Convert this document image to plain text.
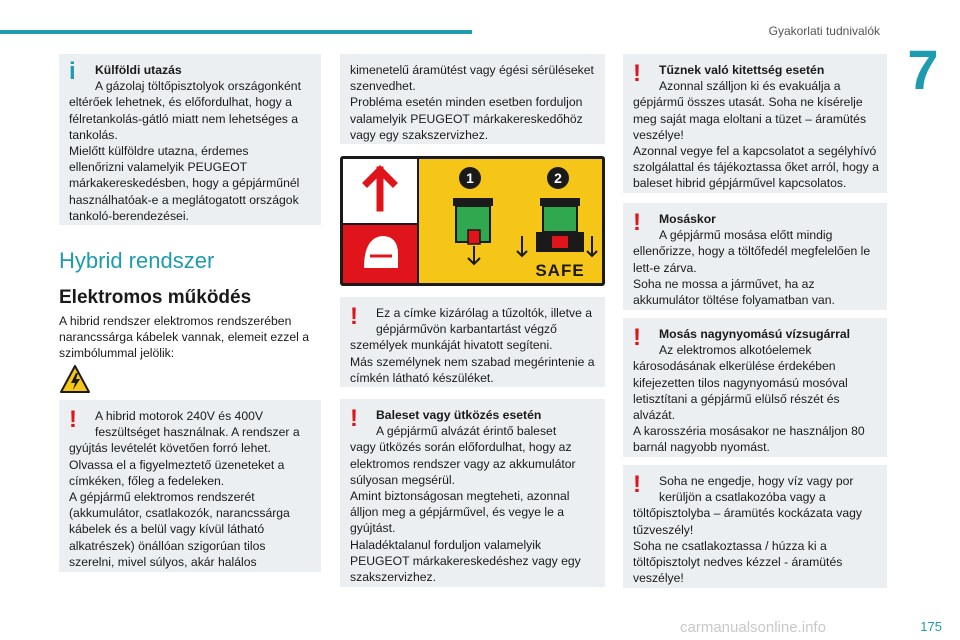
Gyakorlati tudnivalók
7
i	Külföldi utazás
A gázolaj töltőpisztolyok országonként
eltérőek lehetnek, és előfordulhat, hogy a
félretankolás-gátló miatt nem lehetséges a
tankolás.
Mielőtt külföldre utazna, érdemes
ellenőrizni valamelyik PEUGEOT
márkakereskedésben, hogy a gépjárműnél
használhatóak-e a meglátogatott országok
tankoló-berendezései.
Hybrid rendszer
Elektromos működés
A hibrid rendszer elektromos rendszerében
narancssárga kábelek vannak, elemeit ezzel a
szimbólummal jelölik:
!	A hibrid motorok 240V és 400V
feszültséget használnak. A rendszer a
gyújtás levételét követően forró lehet.
Olvassa el a figyelmeztető üzeneteket a
címkéken, főleg a fedeleken.
A gépjármű elektromos rendszerét
(akkumulátor, csatlakozók, narancssárga
kábelek és a belül vagy kívül látható
alkatrészek) önállóan szigorúan tilos
szerelni, mivel súlyos, akár halálos
kimenetelű áramütést vagy égési sérüléseket
szenvedhet.
Probléma esetén minden esetben forduljon
valamelyik PEUGEOT márkakereskedőhöz
vagy egy szakszervizhez.
1	2
SAFE
!	Ez a címke kizárólag a tűzoltók, illetve a
gépjárművön karbantartást végző
személyek munkáját hivatott segíteni.
Más személynek nem szabad megérintenie a
címkén látható készüléket.
!	Baleset vagy ütközés esetén
A gépjármű alvázát érintő baleset
vagy ütközés során előfordulhat, hogy az
elektromos rendszer vagy az akkumulátor
súlyosan megsérül.
Amint biztonságosan megteheti, azonnal
álljon meg a gépjárművel, és vegye le a
gyújtást.
Haladéktalanul forduljon valamelyik
PEUGEOT márkakereskedéshez vagy egy
szakszervizhez.
!	Tűznek való kitettség esetén
Azonnal szálljon ki és evakuálja a
gépjármű összes utasát. Soha ne kísérelje
meg saját maga eloltani a tüzet – áramütés
veszélye!
Azonnal vegye fel a kapcsolatot a segélyhívó
szolgálattal és tájékoztassa őket arról, hogy a
baleset hibrid gépjárművel kapcsolatos.
!	Mosáskor
A gépjármű mosása előtt mindig
ellenőrizze, hogy a töltőfedél megfelelően le
lett-e zárva.
Soha ne mossa a járművet, ha az
akkumulátor töltése folyamatban van.
!	Mosás nagynyomású vízsugárral
Az elektromos alkotóelemek
károsodásának elkerülése érdekében
kifejezetten tilos nagynyomású mosóval
letisztítani a gépjármű elülső részét és
alvázát.
A karosszéria mosásakor ne használjon 80
barnál nagyobb nyomást.
!	Soha ne engedje, hogy víz vagy por
kerüljön a csatlakozóba vagy a
töltőpisztolyba – áramütés kockázata vagy
tűzveszély!
Soha ne csatlakoztassa / húzza ki a
töltőpisztolyt nedves kézzel - áramütés
veszélye!
carmanualsonline.info	175
